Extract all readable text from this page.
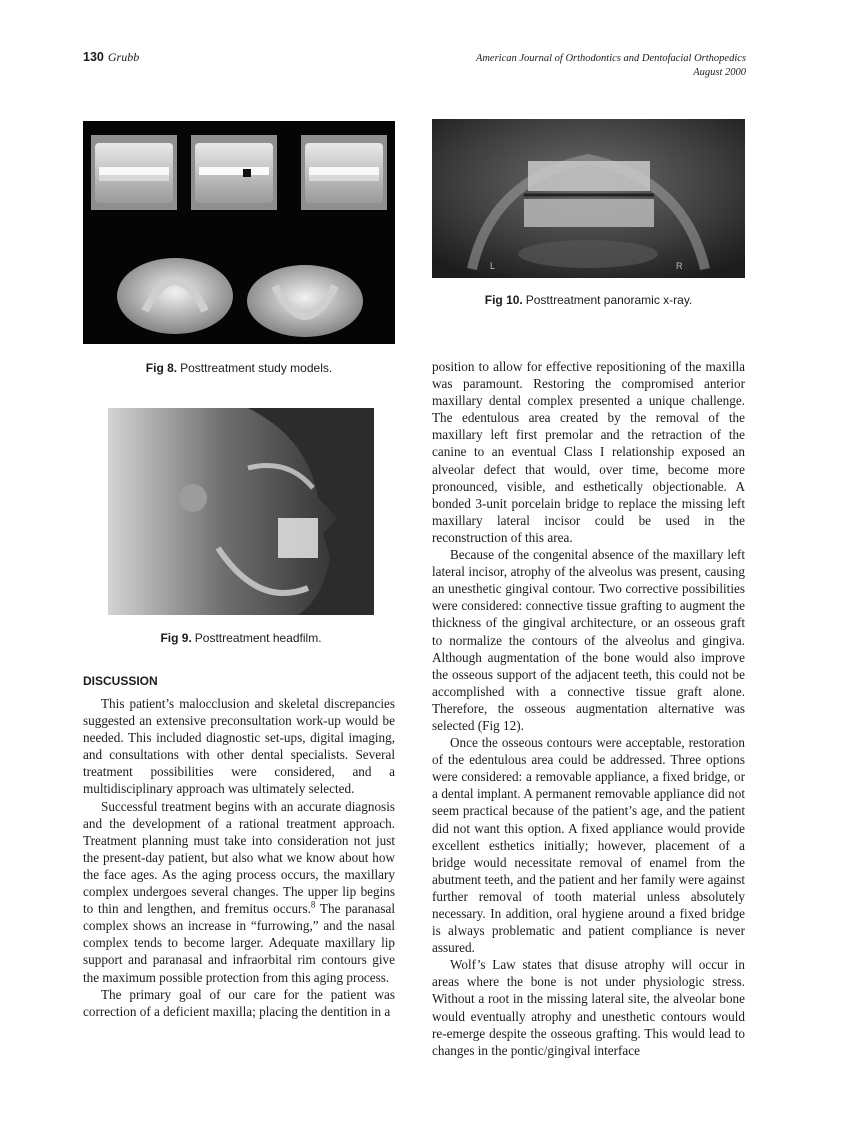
130 Grubb	American Journal of Orthodontics and Dentofacial Orthopedics
August 2000
Fig 8. Posttreatment study models.
L	R
Fig 10. Posttreatment panoramic x-ray.
Fig 9. Posttreatment headfilm.
DISCUSSION

This patient’s malocclusion and skeletal discrepancies suggested an extensive preconsultation work-up would be needed. This included diagnostic set-ups, digital imaging, and consultations with other dental specialists. Several treatment possibilities were considered, and a multidisciplinary approach was ultimately selected.

Successful treatment begins with an accurate diagnosis and the development of a rational treatment approach. Treatment planning must take into consideration not just the present-day patient, but also what we know about how the face ages. As the aging process occurs, the maxillary complex undergoes several changes. The upper lip begins to thin and lengthen, and fremitus occurs.$^8$ The paranasal complex shows an increase in “furrowing,” and the nasal complex tends to become larger. Adequate maxillary lip support and paranasal and infraorbital rim contours give the maximum possible protection from this aging process.

The primary goal of our care for the patient was correction of a deficient maxilla; placing the dentition in a

position to allow for effective repositioning of the maxilla was paramount. Restoring the compromised anterior maxillary dental complex presented a unique challenge. The edentulous area created by the removal of the maxillary left first premolar and the retraction of the canine to an eventual Class I relationship exposed an alveolar defect that would, over time, become more pronounced, visible, and esthetically objectionable. A bonded 3-unit porcelain bridge to replace the missing left maxillary lateral incisor could be used in the reconstruction of this area.

Because of the congenital absence of the maxillary left lateral incisor, atrophy of the alveolus was present, causing an unesthetic gingival contour. Two corrective possibilities were considered: connective tissue grafting to augment the thickness of the gingival architecture, or an osseous graft to normalize the contours of the alveolus and gingiva. Although augmentation of the bone would also improve the osseous support of the adjacent teeth, this could not be accomplished with a connective tissue graft alone. Therefore, the osseous augmentation alternative was selected (Fig 12).

Once the osseous contours were acceptable, restoration of the edentulous area could be addressed. Three options were considered: a removable appliance, a fixed bridge, or a dental implant. A permanent removable appliance did not seem practical because of the patient’s age, and the patient did not want this option. A fixed appliance would provide excellent esthetics initially; however, placement of a bridge would necessitate removal of enamel from the abutment teeth, and the patient and her family were against further removal of tooth material unless absolutely necessary. In addition, oral hygiene around a fixed bridge is always problematic and patient compliance is never assured.

Wolf’s Law states that disuse atrophy will occur in areas where the bone is not under physiologic stress. Without a root in the missing lateral site, the alveolar bone would eventually atrophy and unesthetic contours would re-emerge despite the osseous grafting. This would lead to changes in the pontic/gingival interface
